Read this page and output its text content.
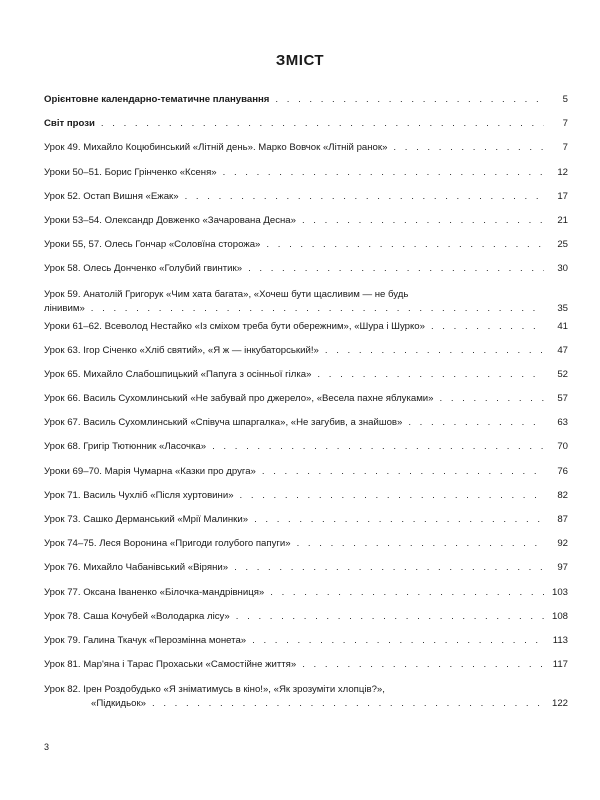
ЗМІСТ
Орієнтовне календарно-тематичне планування . . .	5
Світ прози . . .	7
Урок 49. Михайло Коцюбинський «Літній день». Марко Вовчок «Літній ранок» . . .	7
Уроки 50–51. Борис Грінченко «Ксеня» . . .	12
Урок 52. Остап Вишня «Ежак» . . .	17
Уроки 53–54. Олександр Довженко «Зачарована Десна» . . .	21
Уроки 55, 57. Олесь Гончар «Соловїна сторожа» . . .	25
Урок 58. Олесь Донченко «Голубий гвинтик» . . .	30
Урок 59. Анатолій Григорук «Чим хата багата», «Хочеш бути щасливим — не будь
лінивим» . . .	35
Уроки 61–62. Всеволод Нестайко «Із сміхом треба бути обережним», «Шура і Шурко» . . .	41
Урок 63. Ігор Січенко «Хліб святий», «Я ж — інкубаторський!» . . .	47
Урок 65. Михайло Слабошпицький «Папуга з осінньої гілка» . . .	52
Урок 66. Василь Сухомлинський «Не забувай про джерело», «Весела пахне яблуками» . . .	57
Урок 67. Василь Сухомлинський «Співуча шпаргалка», «Не загубив, а знайшов» . . .	63
Урок 68. Григір Тютюнник «Ласочка» . . .	70
Уроки 69–70. Марія Чумарна «Казки про друга» . . .	76
Урок 71. Василь Чухліб «Після хуртовини» . . .	82
Урок 73. Сашко Дерманський «Мрії Малинки» . . .	87
Урок 74–75. Леся Воронина «Пригоди голубого папуги» . . .	92
Урок 76. Михайло Чабанівський «Віряни» . . .	97
Урок 77. Оксана Іваненко «Білочка-мандрівниця» . . .	103
Урок 78. Саша Кочубей «Володарка лісу» . . .	108
Урок 79. Галина Ткачук «Перозмінна монета» . . .	113
Урок 81. Мар'яна і Тарас Прохаськи «Самостійне життя» . . .	117
Урок 82. Ірен Роздобудько «Я зніматимусь в кіно!», «Як зрозуміти хлопців?»,
«Підкидьок» . . .	122
3
